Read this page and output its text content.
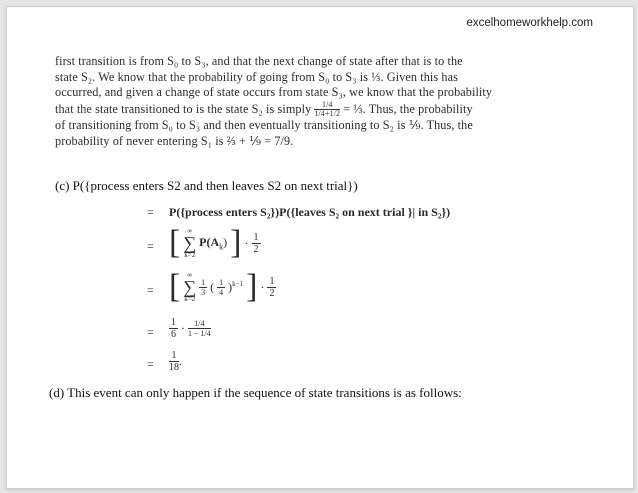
excelhomeworkhelp.com
first transition is from S₀ to S₃, and that the next change of state after that is to the
state S₂. We know that the probability of going from S₀ to S₃ is ⅓. Given this has
occurred, and given a change of state occurs from state S₃, we know that the probability
that the state transitioned to is the state S₂ is simply $\frac{1/4}{1/4+1/2}$ = ⅓. Thus, the probability
of transitioning from S₀ to S₃ and then eventually transitioning to S₂ is ⅑. Thus, the
probability of never entering S₁ is ⅔ + ⅑ = 7/9.
(c) P({process enters S2 and then leaves S2 on next trial})
= P({process enters S₂})P({leaves S₂ on next trial }| in S₂})
= [ ∞
∑
k=2 $P(A_k)$ ] · $\frac{1}{2}$
= [ ∞
∑
k=2
$\frac{1}{3}$ ( $\frac{1}{4} )^{k-1}$ ] · $\frac{1}{2}$
= $\frac{1}{6} \cdot \frac{1/4}{1 - 1/4}$
= $\frac{1}{18}$ .
(d) This event can only happen if the sequence of state transitions is as follows:
